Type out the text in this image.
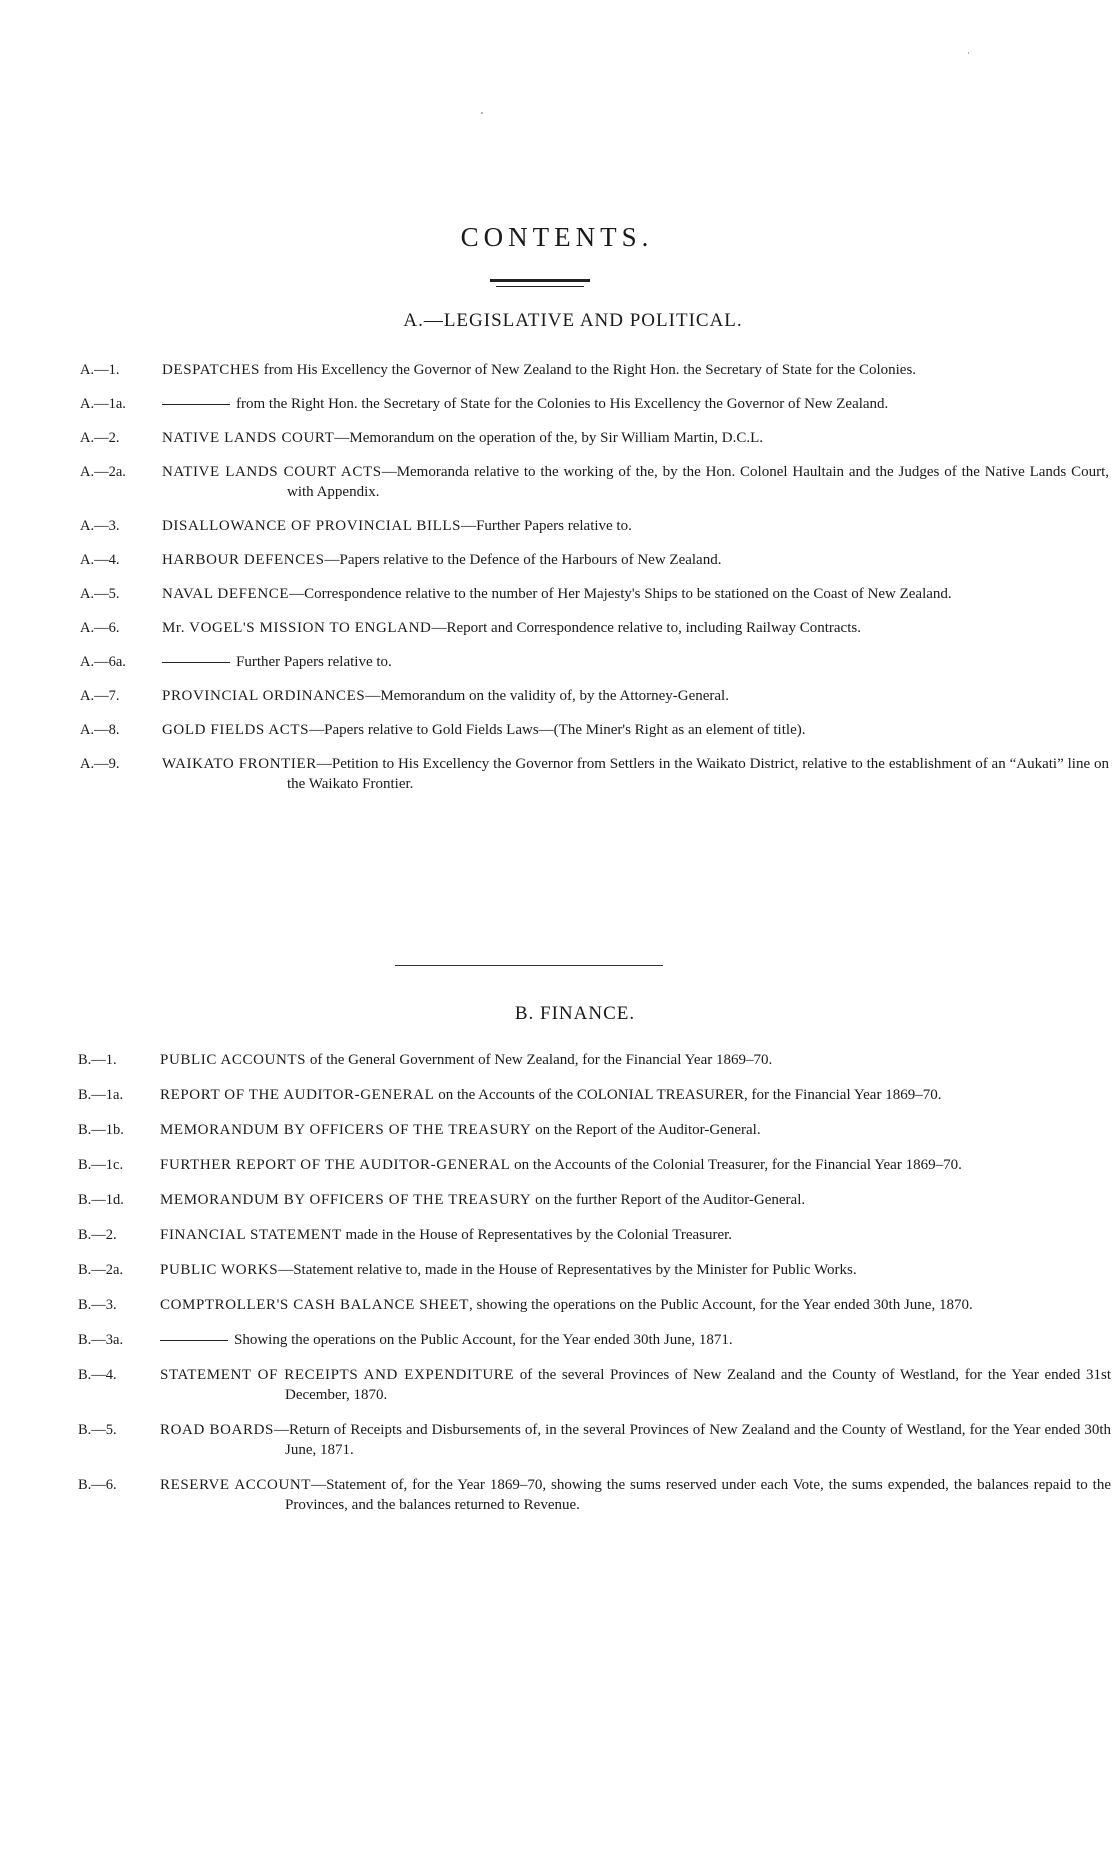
CONTENTS.
A.—LEGISLATIVE AND POLITICAL.
A.—1.	DESPATCHES from His Excellency the Governor of New Zealand to the Right Hon. the Secretary of State for the Colonies.
A.—1a.	from the Right Hon. the Secretary of State for the Colonies to His Excellency the Governor of New Zealand.
A.—2.	NATIVE LANDS COURT—Memorandum on the operation of the, by Sir William Martin, D.C.L.
A.—2a.	NATIVE LANDS COURT ACTS—Memoranda relative to the working of the, by the Hon. Colonel Haultain and the Judges of the Native Lands Court, with Appendix.
A.—3.	DISALLOWANCE OF PROVINCIAL BILLS—Further Papers relative to.
A.—4.	HARBOUR DEFENCES—Papers relative to the Defence of the Harbours of New Zealand.
A.—5.	NAVAL DEFENCE—Correspondence relative to the number of Her Majesty's Ships to be stationed on the Coast of New Zealand.
A.—6.	Mr. VOGEL'S MISSION TO ENGLAND—Report and Correspondence relative to, including Railway Contracts.
A.—6a.	Further Papers relative to.
A.—7.	PROVINCIAL ORDINANCES—Memorandum on the validity of, by the Attorney-General.
A.—8.	GOLD FIELDS ACTS—Papers relative to Gold Fields Laws—(The Miner's Right as an element of title).
A.—9.	WAIKATO FRONTIER—Petition to His Excellency the Governor from Settlers in the Waikato District, relative to the establishment of an “Aukati” line on the Waikato Frontier.
B. FINANCE.
B.—1.	PUBLIC ACCOUNTS of the General Government of New Zealand, for the Financial Year 1869–70.
B.—1a.	REPORT OF THE AUDITOR-GENERAL on the Accounts of the COLONIAL TREASURER, for the Financial Year 1869–70.
B.—1b.	MEMORANDUM BY OFFICERS OF THE TREASURY on the Report of the Auditor-General.
B.—1c.	FURTHER REPORT OF THE AUDITOR-GENERAL on the Accounts of the Colonial Treasurer, for the Financial Year 1869–70.
B.—1d.	MEMORANDUM BY OFFICERS OF THE TREASURY on the further Report of the Auditor-General.
B.—2.	FINANCIAL STATEMENT made in the House of Representatives by the Colonial Treasurer.
B.—2a.	PUBLIC WORKS—Statement relative to, made in the House of Representatives by the Minister for Public Works.
B.—3.	COMPTROLLER'S CASH BALANCE SHEET, showing the operations on the Public Account, for the Year ended 30th June, 1870.
B.—3a.	Showing the operations on the Public Account, for the Year ended 30th June, 1871.
B.—4.	STATEMENT OF RECEIPTS AND EXPENDITURE of the several Provinces of New Zealand and the County of Westland, for the Year ended 31st December, 1870.
B.—5.	ROAD BOARDS—Return of Receipts and Disbursements of, in the several Provinces of New Zealand and the County of Westland, for the Year ended 30th June, 1871.
B.—6.	RESERVE ACCOUNT—Statement of, for the Year 1869–70, showing the sums reserved under each Vote, the sums expended, the balances repaid to the Provinces, and the balances returned to Revenue.
